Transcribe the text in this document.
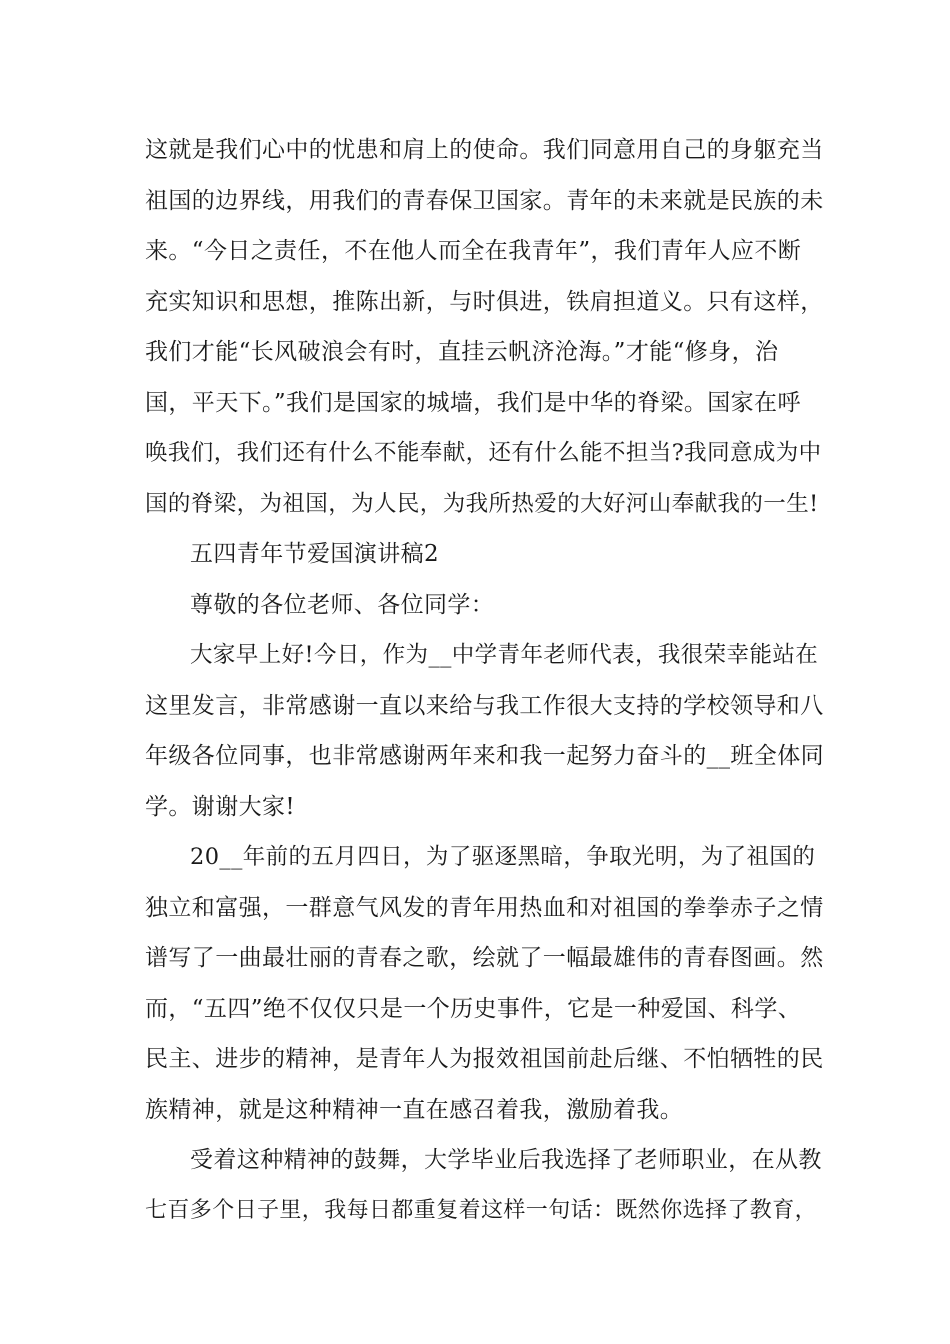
这就是我们心中的忧患和肩上的使命。我们同意用自己的身躯充当
祖国的边界线，用我们的青春保卫国家。青年的未来就是民族的未
来。“今日之责任，不在他人而全在我青年”，我们青年人应不断
充实知识和思想，推陈出新，与时俱进，铁肩担道义。只有这样，
我们才能“长风破浪会有时，直挂云帆济沧海。”才能“修身，治
国，平天下。”我们是国家的城墙，我们是中华的脊梁。国家在呼
唤我们，我们还有什么不能奉献，还有什么能不担当?我同意成为中
国的脊梁，为祖国，为人民，为我所热爱的大好河山奉献我的一生!
五四青年节爱国演讲稿2
尊敬的各位老师、各位同学：
大家早上好!今日，作为__中学青年老师代表，我很荣幸能站在
这里发言，非常感谢一直以来给与我工作很大支持的学校领导和八
年级各位同事，也非常感谢两年来和我一起努力奋斗的__班全体同
学。谢谢大家!
20__年前的五月四日，为了驱逐黑暗，争取光明，为了祖国的
独立和富强，一群意气风发的青年用热血和对祖国的拳拳赤子之情
谱写了一曲最壮丽的青春之歌，绘就了一幅最雄伟的青春图画。然
而，“五四”绝不仅仅只是一个历史事件，它是一种爱国、科学、
民主、进步的精神，是青年人为报效祖国前赴后继、不怕牺牲的民
族精神，就是这种精神一直在感召着我，激励着我。
受着这种精神的鼓舞，大学毕业后我选择了老师职业，在从教
七百多个日子里，我每日都重复着这样一句话：既然你选择了教育，
